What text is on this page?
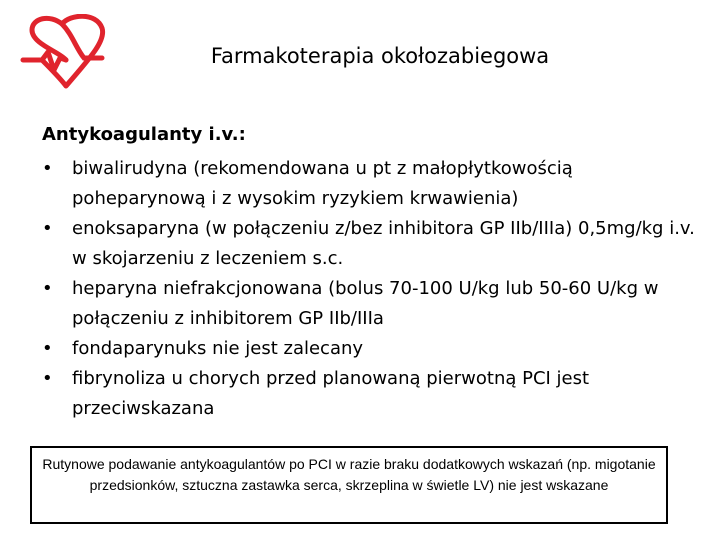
Farmakoterapia okołozabiegowa
Antykoagulanty i.v.:
• biwalirudyna (rekomendowana u pt z małopłytkowością poheparynową i z wysokim ryzykiem krwawienia)
• enoksaparyna (w połączeniu z/bez inhibitora GP IIb/IIIa) 0,5mg/kg i.v. w skojarzeniu z leczeniem s.c.
• heparyna niefrakcjonowana (bolus 70-100 U/kg lub 50-60 U/kg w połączeniu z inhibitorem GP IIb/IIIa
• fondaparynuks nie jest zalecany
• fibrynoliza u chorych przed planowaną pierwotną PCI jest przeciwskazana
Rutynowe podawanie antykoagulantów po PCI w razie braku dodatkowych wskazań (np. migotanie przedsionków, sztuczna zastawka serca, skrzeplina w świetle LV) nie jest wskazane
